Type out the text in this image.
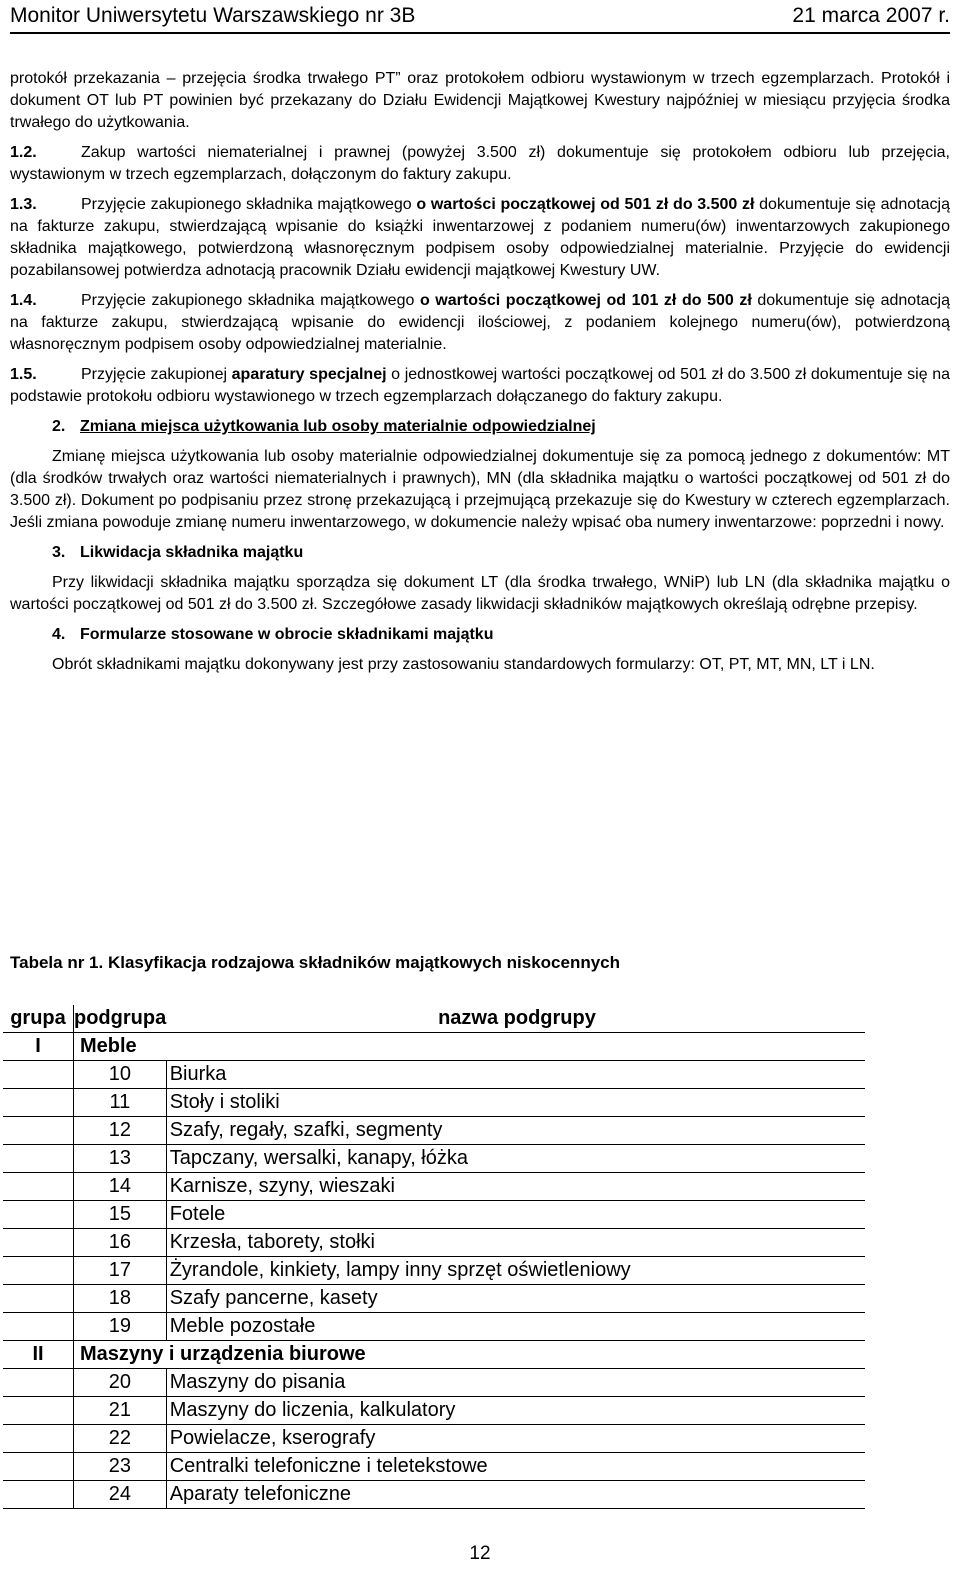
Monitor Uniwersytetu Warszawskiego nr 3B	21 marca 2007 r.

protokół przekazania – przejęcia środka trwałego PT” oraz protokołem odbioru wystawionym w trzech egzemplarzach. Protokół i dokument OT lub PT powinien być przekazany do Działu Ewidencji Majątkowej Kwestury najpóźniej w miesiącu przyjęcia środka trwałego do użytkowania.

1.2.	Zakup wartości niematerialnej i prawnej (powyżej 3.500 zł) dokumentuje się protokołem odbioru lub przejęcia, wystawionym w trzech egzemplarzach, dołączonym do faktury zakupu.

1.3.	Przyjęcie zakupionego składnika majątkowego o wartości początkowej od 501 zł do 3.500 zł dokumentuje się adnotacją na fakturze zakupu, stwierdzającą wpisanie do książki inwentarzowej z podaniem numeru(ów) inwentarzowych zakupionego składnika majątkowego, potwierdzoną własnoręcznym podpisem osoby odpowiedzialnej materialnie. Przyjęcie do ewidencji pozabilansowej potwierdza adnotacją pracownik Działu ewidencji majątkowej Kwestury UW.

1.4.	Przyjęcie zakupionego składnika majątkowego o wartości początkowej od 101 zł do 500 zł dokumentuje się adnotacją na fakturze zakupu, stwierdzającą wpisanie do ewidencji ilościowej, z podaniem kolejnego numeru(ów), potwierdzoną własnoręcznym podpisem osoby odpowiedzialnej materialnie.

1.5.	Przyjęcie zakupionej aparatury specjalnej o jednostkowej wartości początkowej od 501 zł do 3.500 zł dokumentuje się na podstawie protokołu odbioru wystawionego w trzech egzemplarzach dołączanego do faktury zakupu.

2. Zmiana miejsca użytkowania lub osoby materialnie odpowiedzialnej

Zmianę miejsca użytkowania lub osoby materialnie odpowiedzialnej dokumentuje się za pomocą jednego z dokumentów: MT (dla środków trwałych oraz wartości niematerialnych i prawnych), MN (dla składnika majątku o wartości początkowej od 501 zł do 3.500 zł). Dokument po podpisaniu przez stronę przekazującą i przejmującą przekazuje się do Kwestury w czterech egzemplarzach. Jeśli zmiana powoduje zmianę numeru inwentarzowego, w dokumencie należy wpisać oba numery inwentarzowe: poprzedni i nowy.

3. Likwidacja składnika majątku

Przy likwidacji składnika majątku sporządza się dokument LT (dla środka trwałego, WNiP) lub LN (dla składnika majątku o wartości początkowej od 501 zł do 3.500 zł. Szczegółowe zasady likwidacji składników majątkowych określają odrębne przepisy.

4. Formularze stosowane w obrocie składnikami majątku

Obrót składnikami majątku dokonywany jest przy zastosowaniu standardowych formularzy: OT, PT, MT, MN, LT i LN.

Tabela nr 1. Klasyfikacja rodzajowa składników majątkowych niskocennych

grupa	podgrupa	nazwa podgrupy
I	Meble	
	10	Biurka
	11	Stoły i stoliki
	12	Szafy, regały, szafki, segmenty
	13	Tapczany, wersalki, kanapy, łóżka
	14	Karnisze, szyny, wieszaki
	15	Fotele
	16	Krzesła, taborety, stołki
	17	Żyrandole, kinkiety, lampy inny sprzęt oświetleniowy
	18	Szafy pancerne, kasety
	19	Meble pozostałe
II	Maszyny i urządzenia biurowe	
	20	Maszyny do pisania
	21	Maszyny do liczenia, kalkulatory
	22	Powielacze, kserografy
	23	Centralki telefoniczne i teletekstowe
	24	Aparaty telefoniczne
12
